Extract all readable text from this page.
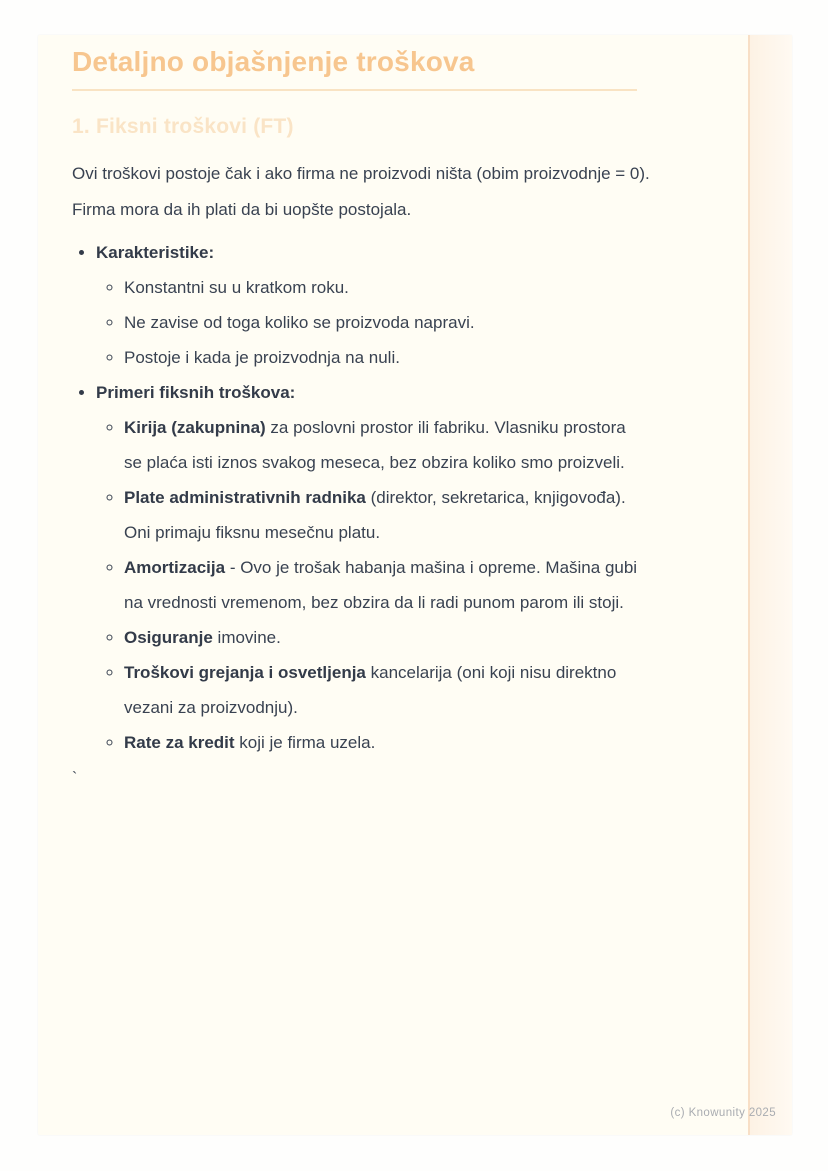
Detaljno objašnjenje troškova
1. Fiksni troškovi (FT)

Ovi troškovi postoje čak i ako firma ne proizvodi ništa (obim proizvodnje = 0). Firma mora da ih plati da bi uopšte postojala.

• Karakteristike:
◦ Konstantni su u kratkom roku.
◦ Ne zavise od toga koliko se proizvoda napravi.
◦ Postoje i kada je proizvodnja na nuli.
• Primeri fiksnih troškova:
◦ Kirija (zakupnina) za poslovni prostor ili fabriku. Vlasniku prostora se plaća isti iznos svakog meseca, bez obzira koliko smo proizveli.
◦ Plate administrativnih radnika (direktor, sekretarica, knjigovođa). Oni primaju fiksnu mesečnu platu.
◦ Amortizacija - Ovo je trošak habanja mašina i opreme. Mašina gubi na vrednosti vremenom, bez obzira da li radi punom parom ili stoji.
◦ Osiguranje imovine.
◦ Troškovi grejanja i osvetljenja kancelarija (oni koji nisu direktno vezani za proizvodnju).
◦ Rate za kredit koji je firma uzela.

`

(c) Knowunity 2025
